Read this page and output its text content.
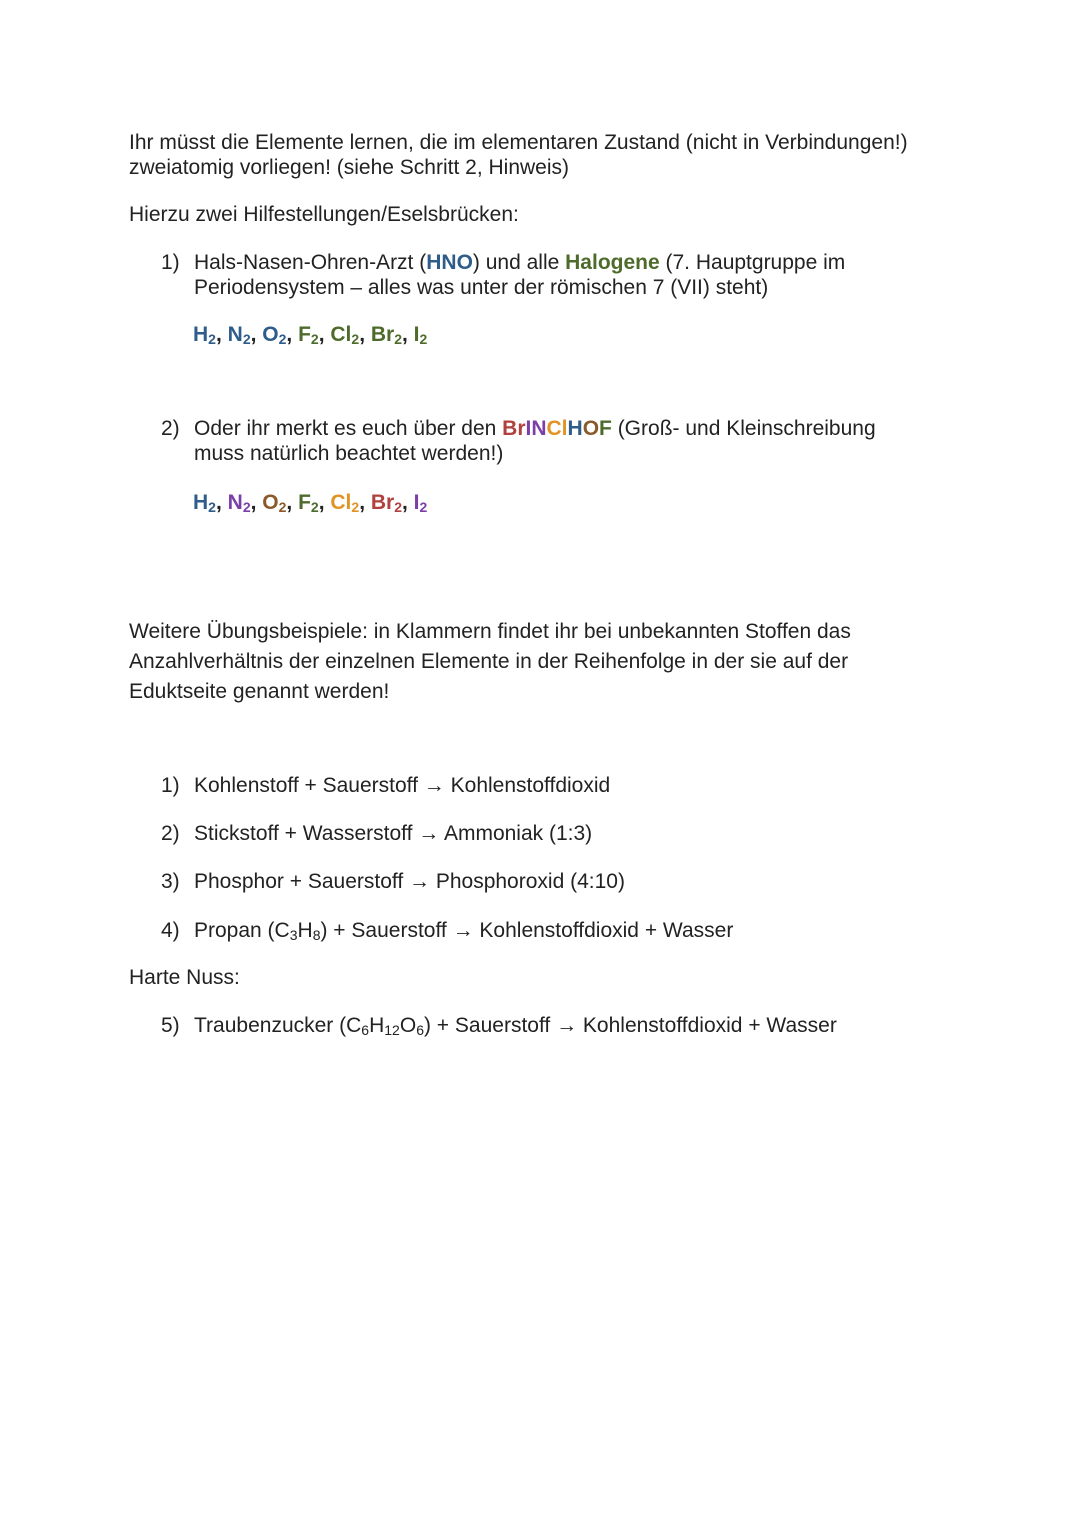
Ihr müsst die Elemente lernen, die im elementaren Zustand (nicht in Verbindungen!)
zweiatomig vorliegen! (siehe Schritt 2, Hinweis)

Hierzu zwei Hilfestellungen/Eselsbrücken:

1) Hals-Nasen-Ohren-Arzt (HNO) und alle Halogene (7. Hauptgruppe im
Periodensystem – alles was unter der römischen 7 (VII) steht)

$H_2$, $N_2$, $O_2$, $F_2$, $Cl_2$, $Br_2$, $I_2$

2) Oder ihr merkt es euch über den BrINClHOF (Groß- und Kleinschreibung
muss natürlich beachtet werden!)

$H_2$, $N_2$, $O_2$, $F_2$, $Cl_2$, $Br_2$, $I_2$

Weitere Übungsbeispiele: in Klammern findet ihr bei unbekannten Stoffen das
Anzahlverhältnis der einzelnen Elemente in der Reihenfolge in der sie auf der
Eduktseite genannt werden!

1) Kohlenstoff + Sauerstoff → Kohlenstoffdioxid
2) Stickstoff + Wasserstoff → Ammoniak (1:3)
3) Phosphor + Sauerstoff → Phosphoroxid (4:10)
4) Propan $(C_3H_8)$ + Sauerstoff → Kohlenstoffdioxid + Wasser

Harte Nuss:

5) Traubenzucker $(C_6H_{12}O_6)$ + Sauerstoff → Kohlenstoffdioxid + Wasser
